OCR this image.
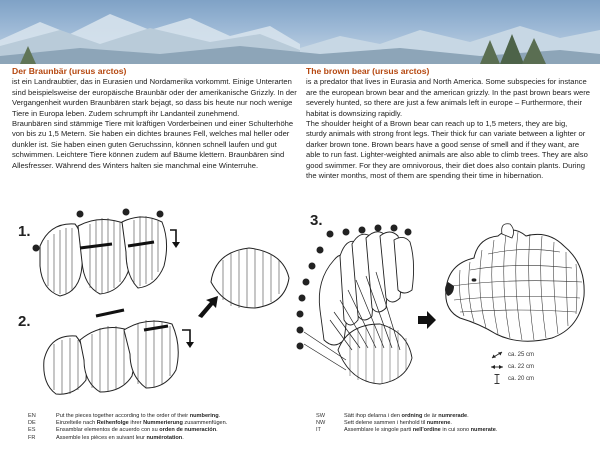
Der Braunbär (ursus arctos)

ist ein Landraubtier, das in Eurasien und Nordamerika vorkommt. Einige Unterarten sind beispielsweise der europäische Braunbär oder der amerikanische Grizzly. In der Vergangenheit wurden Braunbären stark bejagt, so dass bis heute nur noch wenige Tiere in Europa leben. Zudem schrumpft ihr Landanteil zunehmend.

Braunbären sind stämmige Tiere mit kräftigen Vorderbeinen und einer Schulterhöhe von bis zu 1,5 Metern. Sie haben ein dichtes braunes Fell, welches mal heller oder dunkler ist. Sie haben einen guten Geruchssinn, können schnell laufen und gut schwimmen. Leichtere Tiere können zudem auf Bäume klettern. Braunbären sind Allesfresser. Während des Winters halten sie manchmal eine Winterruhe.

The brown bear (ursus arctos)

is a predator that lives in Eurasia and North America. Some subspecies for instance are the european brown bear and the american grizzly. In the past brown bears were severely hunted, so there are just a few animals left in europe – Furthermore, their habitat is downsizing rapidly.

The shoulder height of a Brown bear can reach up to 1,5 meters, they are big, sturdy animals with strong front legs. Their thick fur can variate between a lighter or darker brown tone. Brown bears have a good sense of smell and if they want, are able to run fast. Lighter-weighted animals are also able to climb trees. They are also good swimmer. For they are omnivorous, their diet does also contain plants. During the winter months, most of them are spending their time in hibernation.

1.
2.
3.
ca. 25 cm
ca. 22 cm
ca. 20 cm
EN	Put the pieces together according to the order of their numbering.
DE	Einzelteile nach Reihenfolge ihrer Nummerierung zusammenfügen.
ES	Ensamblar elementos de acuerdo con su orden de numeración.
FR	Assemble les pièces en suivant leur numérotation.
SW	Sätt ihop delarna i den ordning de är numrerade.
NW	Sett delene sammen i henhold til numrene.
IT	Assemblare le singole parti nell'ordine in cui sono numerate.
